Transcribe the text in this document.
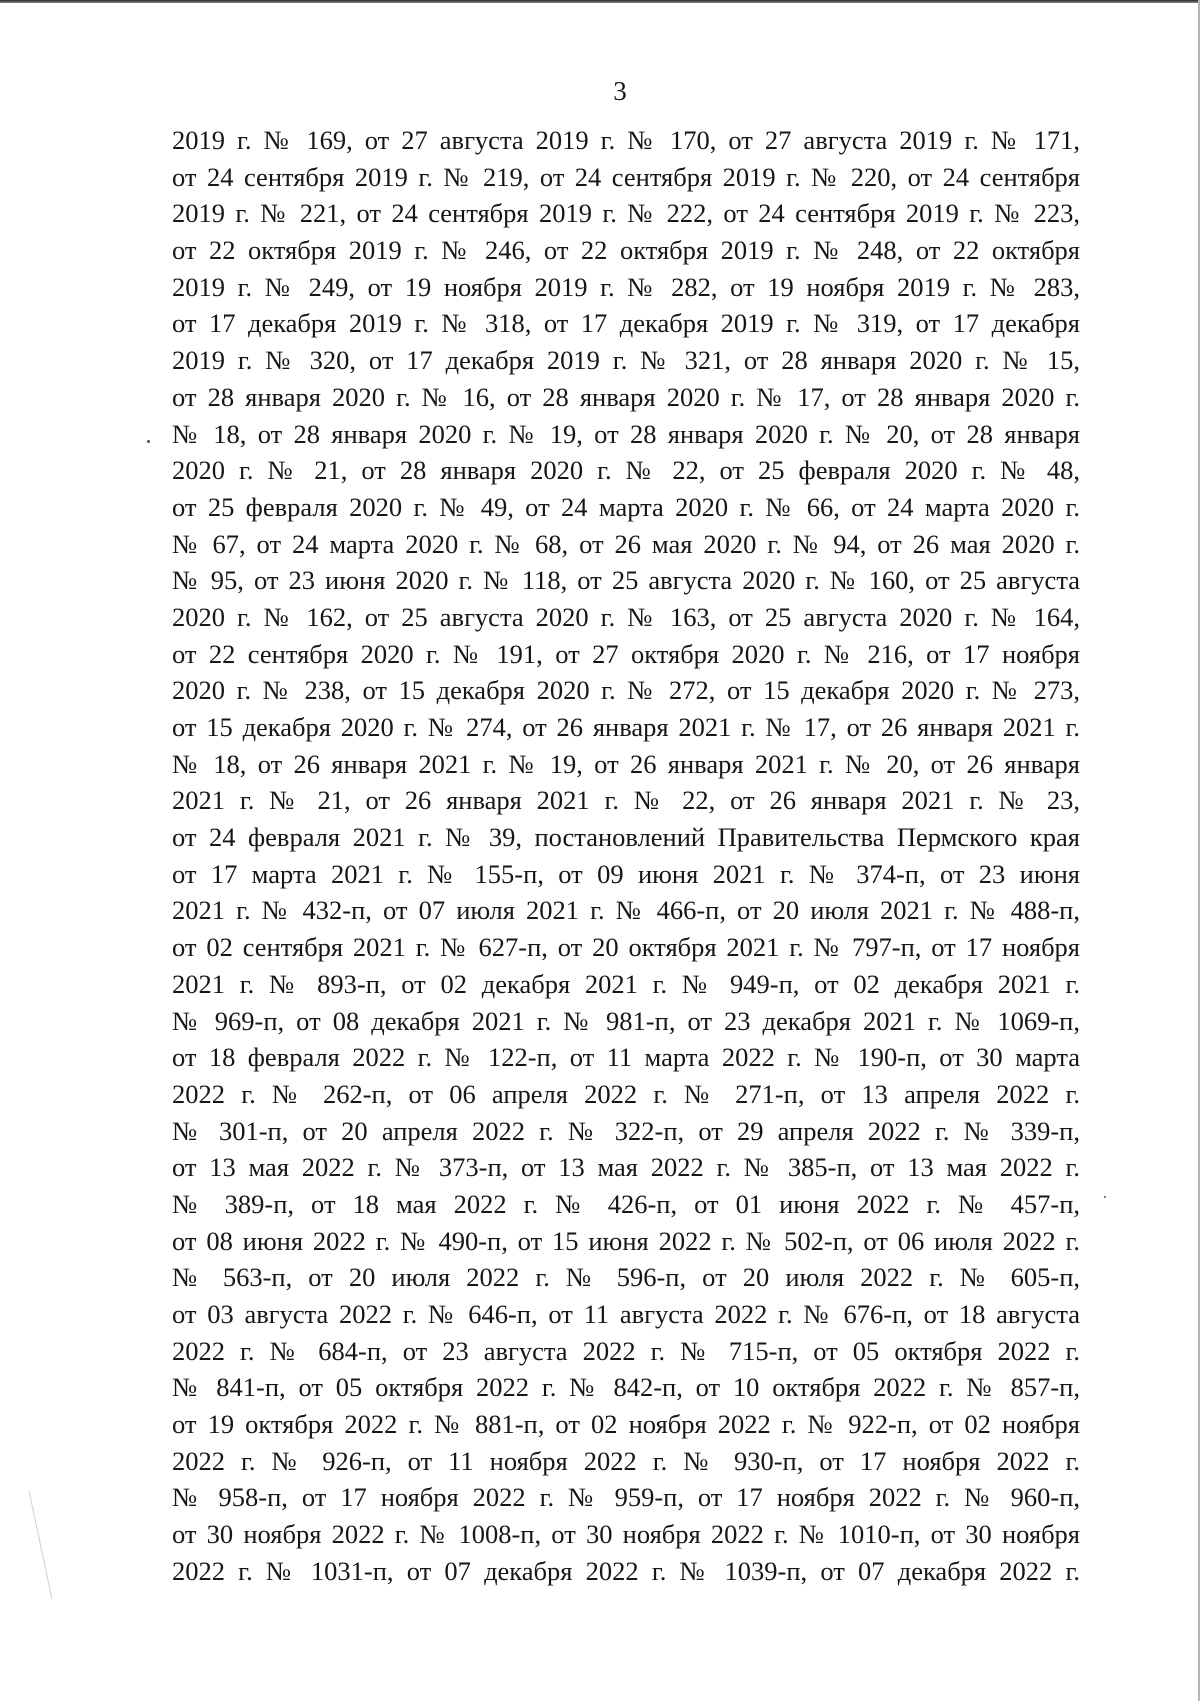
3
2019 г. № 169, от 27 августа 2019 г. № 170, от 27 августа 2019 г. № 171,
от 24 сентября 2019 г. № 219, от 24 сентября 2019 г. № 220, от 24 сентября
2019 г. № 221, от 24 сентября 2019 г. № 222, от 24 сентября 2019 г. № 223,
от 22 октября 2019 г. № 246, от 22 октября 2019 г. № 248, от 22 октября
2019 г. № 249, от 19 ноября 2019 г. № 282, от 19 ноября 2019 г. № 283,
от 17 декабря 2019 г. № 318, от 17 декабря 2019 г. № 319, от 17 декабря
2019 г. № 320, от 17 декабря 2019 г. № 321, от 28 января 2020 г. № 15,
от 28 января 2020 г. № 16, от 28 января 2020 г. № 17, от 28 января 2020 г.
№ 18, от 28 января 2020 г. № 19, от 28 января 2020 г. № 20, от 28 января
2020 г. № 21, от 28 января 2020 г. № 22, от 25 февраля 2020 г. № 48,
от 25 февраля 2020 г. № 49, от 24 марта 2020 г. № 66, от 24 марта 2020 г.
№ 67, от 24 марта 2020 г. № 68, от 26 мая 2020 г. № 94, от 26 мая 2020 г.
№ 95, от 23 июня 2020 г. № 118, от 25 августа 2020 г. № 160, от 25 августа
2020 г. № 162, от 25 августа 2020 г. № 163, от 25 августа 2020 г. № 164,
от 22 сентября 2020 г. № 191, от 27 октября 2020 г. № 216, от 17 ноября
2020 г. № 238, от 15 декабря 2020 г. № 272, от 15 декабря 2020 г. № 273,
от 15 декабря 2020 г. № 274, от 26 января 2021 г. № 17, от 26 января 2021 г.
№ 18, от 26 января 2021 г. № 19, от 26 января 2021 г. № 20, от 26 января
2021 г. № 21, от 26 января 2021 г. № 22, от 26 января 2021 г. № 23,
от 24 февраля 2021 г. № 39, постановлений Правительства Пермского края
от 17 марта 2021 г. № 155-п, от 09 июня 2021 г. № 374-п, от 23 июня
2021 г. № 432-п, от 07 июля 2021 г. № 466-п, от 20 июля 2021 г. № 488-п,
от 02 сентября 2021 г. № 627-п, от 20 октября 2021 г. № 797-п, от 17 ноября
2021 г. № 893-п, от 02 декабря 2021 г. № 949-п, от 02 декабря 2021 г.
№ 969-п, от 08 декабря 2021 г. № 981-п, от 23 декабря 2021 г. № 1069-п,
от 18 февраля 2022 г. № 122-п, от 11 марта 2022 г. № 190-п, от 30 марта
2022 г. № 262-п, от 06 апреля 2022 г. № 271-п, от 13 апреля 2022 г.
№ 301-п, от 20 апреля 2022 г. № 322-п, от 29 апреля 2022 г. № 339-п,
от 13 мая 2022 г. № 373-п, от 13 мая 2022 г. № 385-п, от 13 мая 2022 г.
№ 389-п, от 18 мая 2022 г. № 426-п, от 01 июня 2022 г. № 457-п,
от 08 июня 2022 г. № 490-п, от 15 июня 2022 г. № 502-п, от 06 июля 2022 г.
№ 563-п, от 20 июля 2022 г. № 596-п, от 20 июля 2022 г. № 605-п,
от 03 августа 2022 г. № 646-п, от 11 августа 2022 г. № 676-п, от 18 августа
2022 г. № 684-п, от 23 августа 2022 г. № 715-п, от 05 октября 2022 г.
№ 841-п, от 05 октября 2022 г. № 842-п, от 10 октября 2022 г. № 857-п,
от 19 октября 2022 г. № 881-п, от 02 ноября 2022 г. № 922-п, от 02 ноября
2022 г. № 926-п, от 11 ноября 2022 г. № 930-п, от 17 ноября 2022 г.
№ 958-п, от 17 ноября 2022 г. № 959-п, от 17 ноября 2022 г. № 960-п,
от 30 ноября 2022 г. № 1008-п, от 30 ноября 2022 г. № 1010-п, от 30 ноября
2022 г. № 1031-п, от 07 декабря 2022 г. № 1039-п, от 07 декабря 2022 г.
